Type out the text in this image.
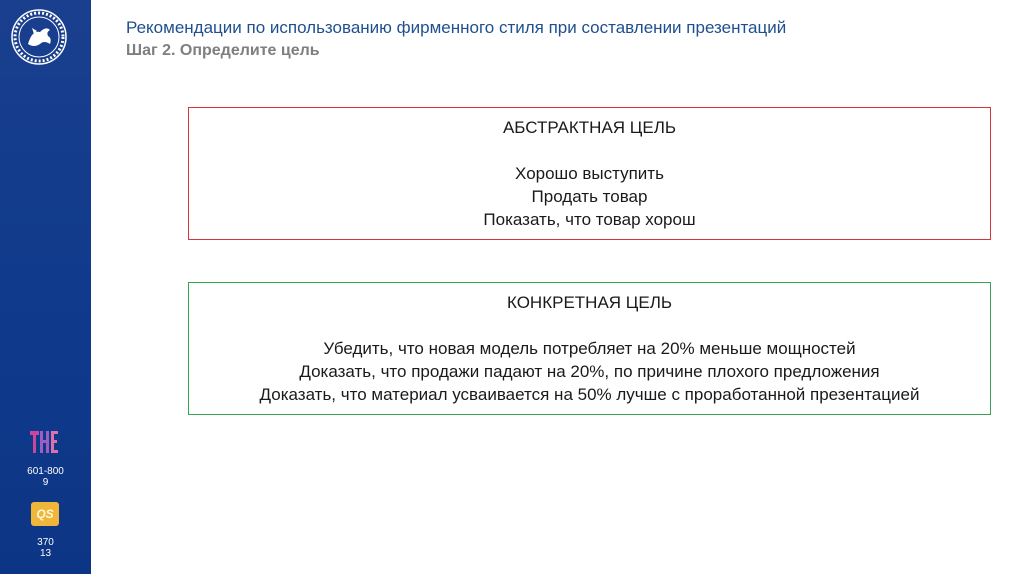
601-800
9
QS
370
13
Рекомендации по использованию фирменного стиля при составлении презентаций
Шаг 2. Определите цель
АБСТРАКТНАЯ ЦЕЛЬ
Хорошо выступить
Продать товар
Показать, что товар хорош
КОНКРЕТНАЯ ЦЕЛЬ
Убедить, что новая модель потребляет на 20% меньше мощностей
Доказать, что продажи падают на 20%, по причине плохого предложения
Доказать, что материал усваивается на 50% лучше с проработанной презентацией
